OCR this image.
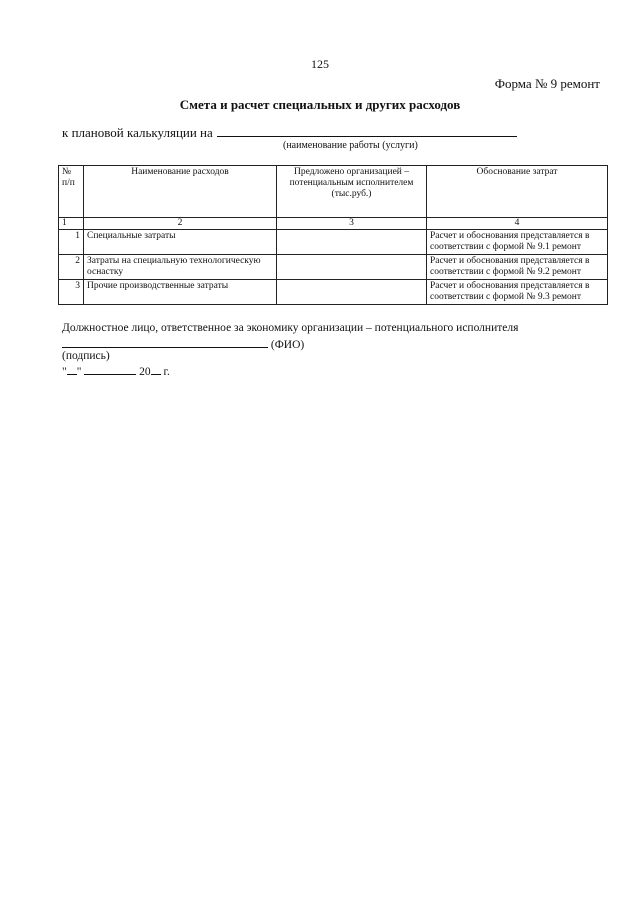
125
Форма № 9 ремонт
Смета и расчет специальных и других расходов
к плановой калькуляции на
(наименование работы (услуги)
№ п/п	Наименование расходов	Предложено организацией – потенциальным исполнителем (тыс.руб.)	Обоснование затрат
1	2	3	4
1	Специальные затраты		Расчет и обоснования представляется в соответствии с формой № 9.1 ремонт
2	Затраты на специальную технологическую оснастку		Расчет и обоснования представляется в соответствии с формой № 9.2 ремонт
3	Прочие производственные затраты		Расчет и обоснования представляется в соответствии с формой № 9.3 ремонт
Должностное лицо, ответственное за экономику организации – потенциального исполнителя
(ФИО)
(подпись)
" "	20 г.
